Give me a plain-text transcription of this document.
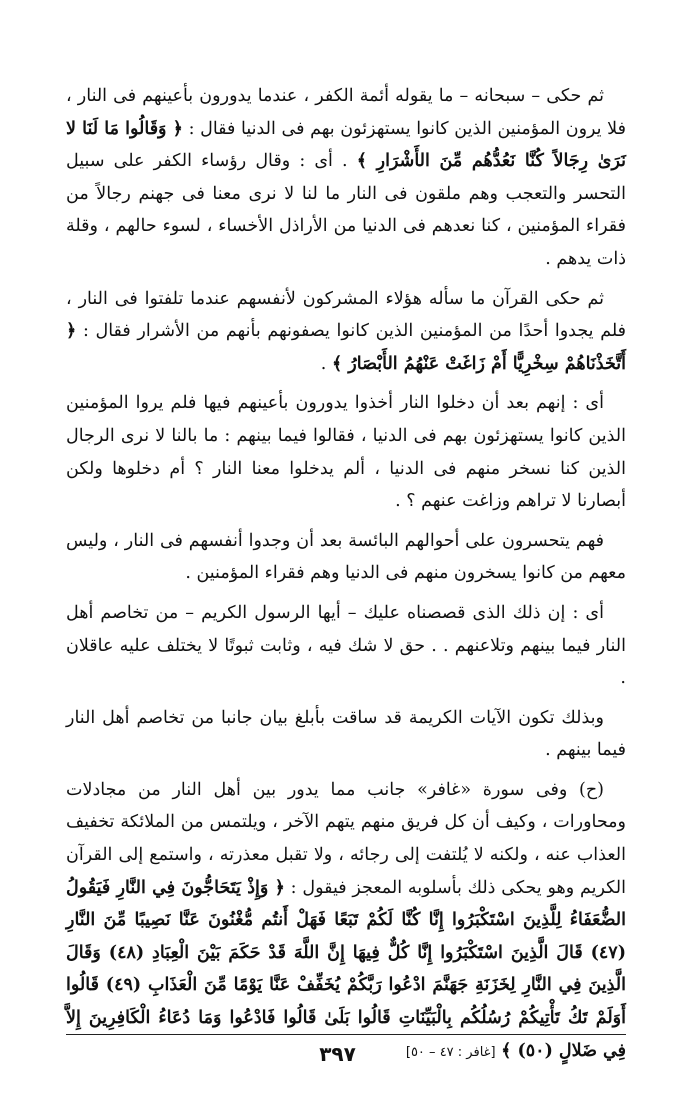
ثم حكى – سبحانه – ما يقوله أئمة الكفر ، عندما يدورون بأعينهم فى النار ، فلا يرون المؤمنين الذين كانوا يستهزئون بهم فى الدنيا فقال : ﴿ وَقَالُوا مَا لَنَا لا نَرَىٰ رِجَالاً كُنَّا نَعُدُّهُم مِّنَ الأَشْرَارِ ﴾ . أى : وقال رؤساء الكفر على سبيل التحسر والتعجب وهم ملقون فى النار ما لنا لا نرى معنا فى جهنم رجالاً من فقراء المؤمنين ، كنا نعدهم فى الدنيا من الأراذل الأخساء ، لسوء حالهم ، وقلة ذات يدهم .

ثم حكى القرآن ما سأله هؤلاء المشركون لأنفسهم عندما تلفتوا فى النار ، فلم يجدوا أحدًا من المؤمنين الذين كانوا يصفونهم بأنهم من الأشرار فقال : ﴿ أَتَّخَذْنَاهُمْ سِخْرِيًّا أَمْ زَاغَتْ عَنْهُمُ الأَبْصَارُ ﴾ .

أى : إنهم بعد أن دخلوا النار أخذوا يدورون بأعينهم فيها فلم يروا المؤمنين الذين كانوا يستهزئون بهم فى الدنيا ، فقالوا فيما بينهم : ما بالنا لا نرى الرجال الذين كنا نسخر منهم فى الدنيا ، ألم يدخلوا معنا النار ؟ أم دخلوها ولكن أبصارنا لا تراهم وزاغت عنهم ؟ .

فهم يتحسرون على أحوالهم البائسة بعد أن وجدوا أنفسهم فى النار ، وليس معهم من كانوا يسخرون منهم فى الدنيا وهم فقراء المؤمنين .

أى : إن ذلك الذى قصصناه عليك – أيها الرسول الكريم – من تخاصم أهل النار فيما بينهم وتلاعنهم . . حق لا شك فيه ، وثابت ثبوتًا لا يختلف عليه عاقلان .

وبذلك تكون الآيات الكريمة قد ساقت بأبلغ بيان جانبا من تخاصم أهل النار فيما بينهم .

(ح) وفى سورة «غافر» جانب مما يدور بين أهل النار من مجادلات ومحاورات ، وكيف أن كل فريق منهم يتهم الآخر ، ويلتمس من الملائكة تخفيف العذاب عنه ، ولكنه لا يُلتفت إلى رجائه ، ولا تقبل معذرته ، واستمع إلى القرآن الكريم وهو يحكى ذلك بأسلوبه المعجز فيقول : ﴿ وَإِذْ يَتَحَاجُّونَ فِي النَّارِ فَيَقُولُ الضُّعَفَاءُ لِلَّذِينَ اسْتَكْبَرُوا إِنَّا كُنَّا لَكُمْ تَبَعًا فَهَلْ أَنتُم مُّغْنُونَ عَنَّا نَصِيبًا مِّنَ النَّارِ (٤٧) قَالَ الَّذِينَ اسْتَكْبَرُوا إِنَّا كُلٌّ فِيهَا إِنَّ اللَّهَ قَدْ حَكَمَ بَيْنَ الْعِبَادِ (٤٨) وَقَالَ الَّذِينَ فِي النَّارِ لِخَزَنَةِ جَهَنَّمَ ادْعُوا رَبَّكُمْ يُخَفِّفْ عَنَّا يَوْمًا مِّنَ الْعَذَابِ (٤٩) قَالُوا أَوَلَمْ تَكُ تَأْتِيكُمْ رُسُلُكُم بِالْبَيِّنَاتِ قَالُوا بَلَىٰ قَالُوا فَادْعُوا وَمَا دُعَاءُ الْكَافِرِينَ إِلاَّ فِي ضَلالٍ (٥٠) ﴾ [غافر : ٤٧ – ٥٠]

٣٩٧
